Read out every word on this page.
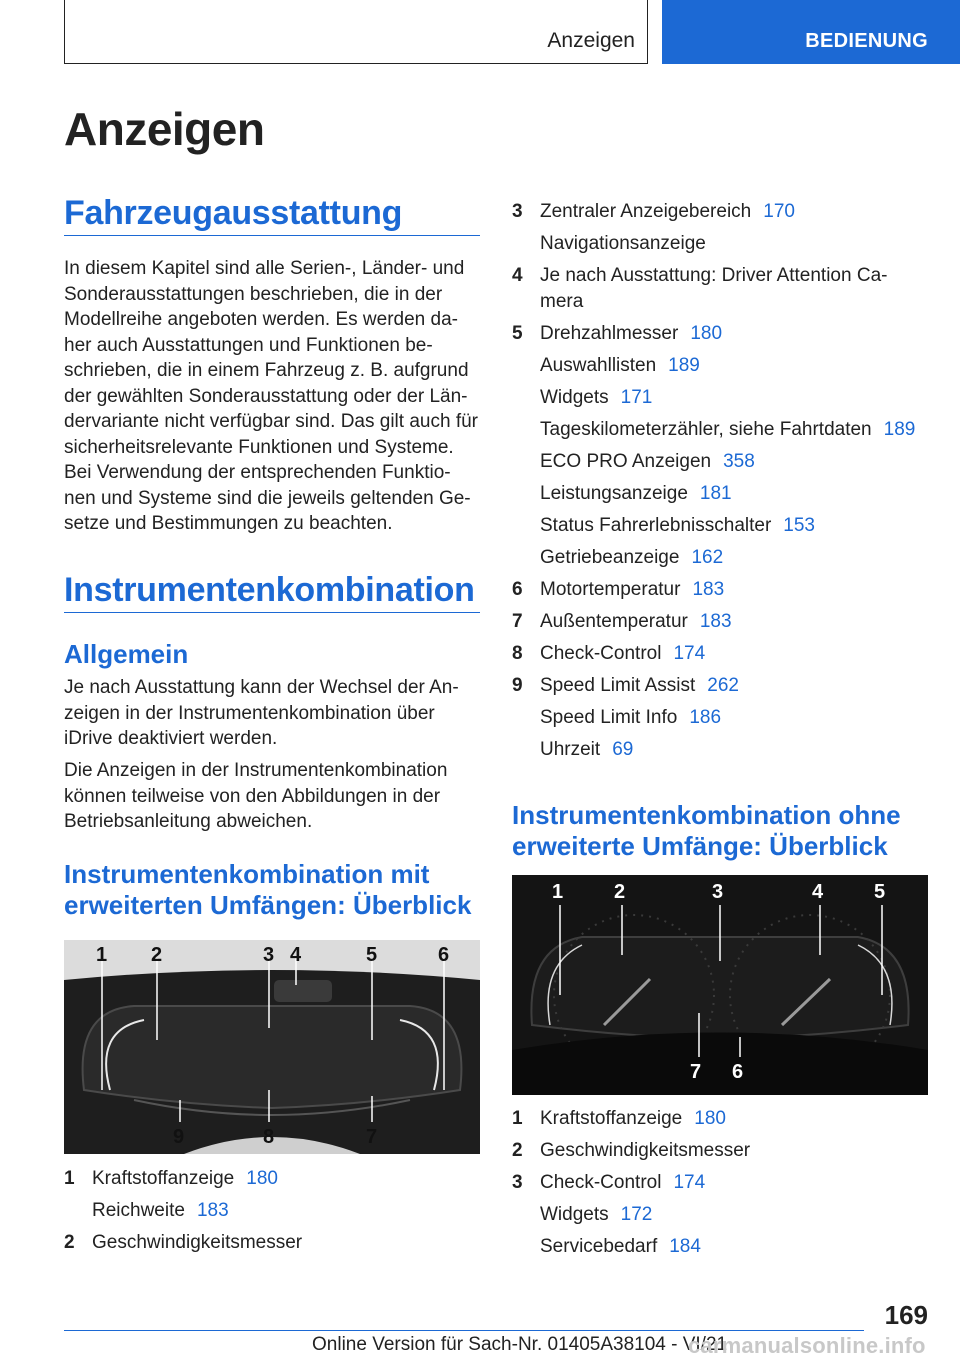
Anzeigen	BEDIENUNG
Anzeigen
Fahrzeugausstattung
In diesem Kapitel sind alle Serien-, Länder- und
Sonderausstattungen beschrieben, die in der
Modellreihe angeboten werden. Es werden da-
her auch Ausstattungen und Funktionen be-
schrieben, die in einem Fahrzeug z. B. aufgrund
der gewählten Sonderausstattung oder der Län-
dervariante nicht verfügbar sind. Das gilt auch für
sicherheitsrelevante Funktionen und Systeme.
Bei Verwendung der entsprechenden Funktio-
nen und Systeme sind die jeweils geltenden Ge-
setze und Bestimmungen zu beachten.
Instrumentenkombination
Allgemein
Je nach Ausstattung kann der Wechsel der An-
zeigen in der Instrumentenkombination über
iDrive deaktiviert werden.
Die Anzeigen in der Instrumentenkombination
können teilweise von den Abbildungen in der
Betriebsanleitung abweichen.
Instrumentenkombination mit
erweiterten Umfängen: Überblick
1 2	3 4	5	6
9	8	7
1 Kraftstoffanzeige 180
Reichweite 183
2 Geschwindigkeitsmesser
3 Zentraler Anzeigebereich 170
Navigationsanzeige
4 Je nach Ausstattung: Driver Attention Ca-
mera
5 Drehzahlmesser 180
Auswahllisten 189
Widgets 171
Tageskilometerzähler, siehe Fahrtdaten 189
ECO PRO Anzeigen 358
Leistungsanzeige 181
Status Fahrerlebnisschalter 153
Getriebeanzeige 162
6 Motortemperatur 183
7 Außentemperatur 183
8 Check-Control 174
9 Speed Limit Assist 262
Speed Limit Info 186
Uhrzeit 69
Instrumentenkombination ohne
erweiterte Umfänge: Überblick
1	2	3	4	5
7 6
1 Kraftstoffanzeige 180
2 Geschwindigkeitsmesser
3 Check-Control 174
Widgets 172
Servicebedarf 184
169
Online Version für Sach-Nr. 01405A38104 - VI/21
carmanualsonline.info
